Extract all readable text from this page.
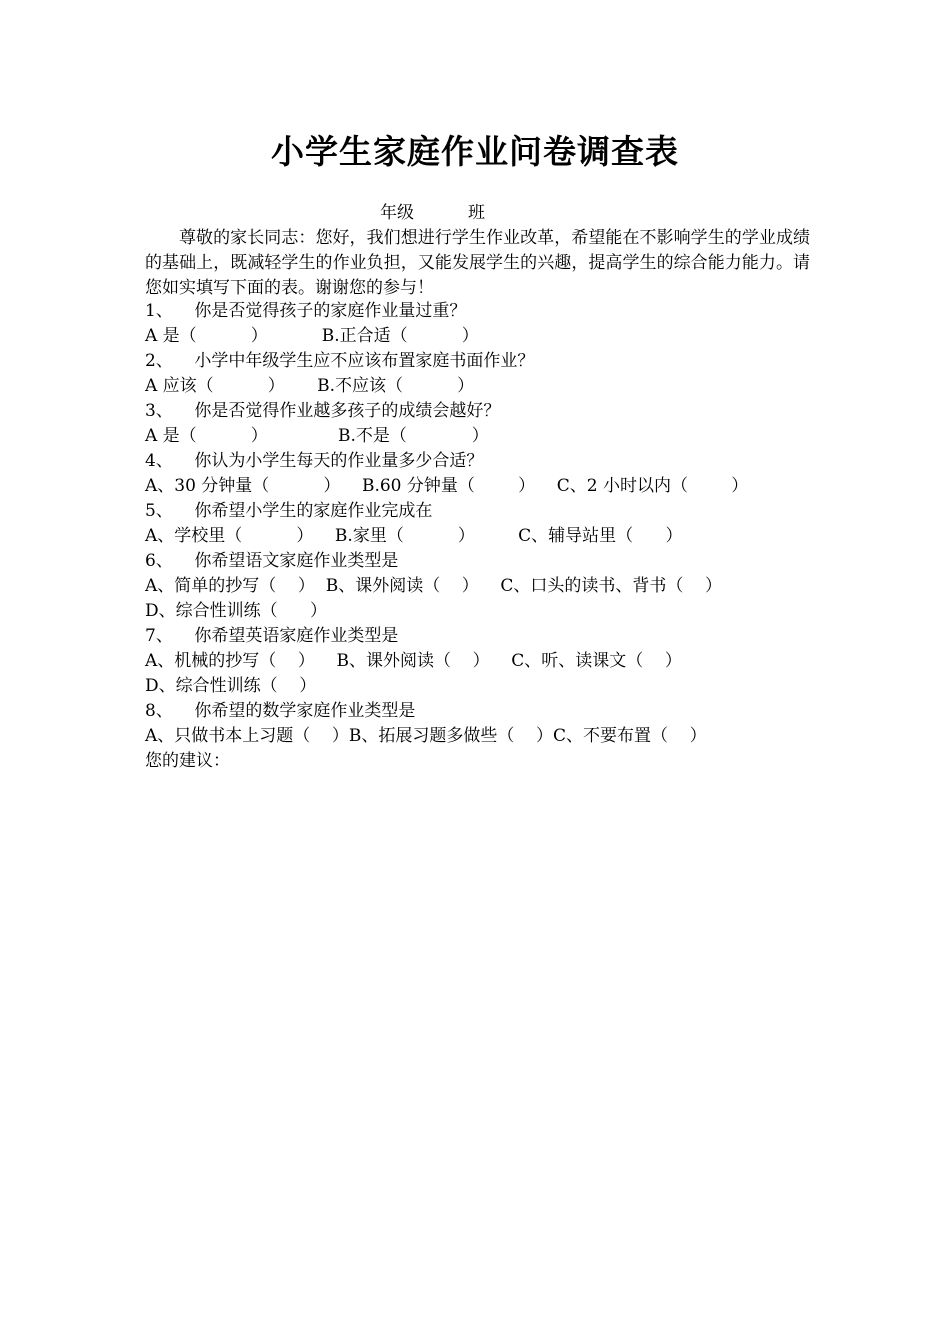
小学生家庭作业问卷调查表
年级          班
尊敬的家长同志：您好，我们想进行学生作业改革，希望能在不影响学生的学业成绩的基础上，既减轻学生的作业负担，又能发展学生的兴趣，提高学生的综合能力能力。请您如实填写下面的表。谢谢您的参与！
1、    你是否觉得孩子的家庭作业量过重？
A 是（          ）          B.正合适（          ）
2、    小学中年级学生应不应该布置家庭书面作业？
A 应该（          ）      B.不应该（          ）
3、    你是否觉得作业越多孩子的成绩会越好？
A 是（          ）             B.不是（            ）
4、    你认为小学生每天的作业量多少合适？
A、30 分钟量（          ）    B.60 分钟量（        ）    C、2 小时以内（        ）
5、    你希望小学生的家庭作业完成在
A、学校里（          ）    B.家里（          ）        C、辅导站里（      ）
6、    你希望语文家庭作业类型是
A、简单的抄写（    ）  B、课外阅读（    ）    C、口头的读书、背书（    ）
D、综合性训练（      ）
7、    你希望英语家庭作业类型是
A、机械的抄写（    ）    B、课外阅读（    ）    C、听、读课文（    ）
D、综合性训练（    ）
8、    你希望的数学家庭作业类型是
A、只做书本上习题（    ）B、拓展习题多做些（    ）C、不要布置（    ）
您的建议：
